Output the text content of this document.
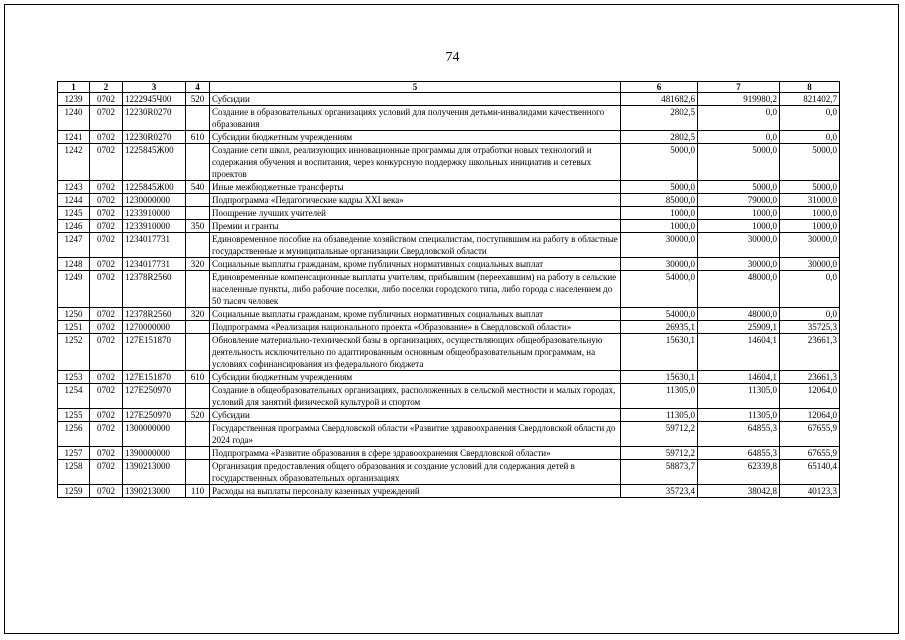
74
1	2	3	4	5	6	7	8
1239	0702	1222945Ч00	520	Субсидии	481682,6	919980,2	821402,7
1240	0702	12230R0270		Создание в образовательных организациях условий для получения детьми-инвалидами качественного образования	2802,5	0,0	0,0
1241	0702	12230R0270	610	Субсидии бюджетным учреждениям	2802,5	0,0	0,0
1242	0702	1225845Ж00		Создание сети школ, реализующих инновационные программы для отработки новых технологий и содержания обучения и воспитания, через конкурсную поддержку школьных инициатив и сетевых проектов	5000,0	5000,0	5000,0
1243	0702	1225845Ж00	540	Иные межбюджетные трансферты	5000,0	5000,0	5000,0
1244	0702	1230000000		Подпрограмма «Педагогические кадры XXI века»	85000,0	79000,0	31000,0
1245	0702	1233910000		Поощрение лучших учителей	1000,0	1000,0	1000,0
1246	0702	1233910000	350	Премии и гранты	1000,0	1000,0	1000,0
1247	0702	1234017731		Единовременное пособие на обзаведение хозяйством специалистам, поступившим на работу в областные государственные и муниципальные организации Свердловской области	30000,0	30000,0	30000,0
1248	0702	1234017731	320	Социальные выплаты гражданам, кроме публичных нормативных социальных выплат	30000,0	30000,0	30000,0
1249	0702	12378R2560		Единовременные компенсационные выплаты учителям, прибывшим (переехавшим) на работу в сельские населенные пункты, либо рабочие поселки, либо поселки городского типа, либо города с населением до 50 тысяч человек	54000,0	48000,0	0,0
1250	0702	12378R2560	320	Социальные выплаты гражданам, кроме публичных нормативных социальных выплат	54000,0	48000,0	0,0
1251	0702	1270000000		Подпрограмма «Реализация национального проекта «Образование» в Свердловской области»	26935,1	25909,1	35725,3
1252	0702	127E151870		Обновление материально-технической базы в организациях, осуществляющих общеобразовательную деятельность исключительно по адаптированным основным общеобразовательным программам, на условиях софинансирования из федерального бюджета	15630,1	14604,1	23661,3
1253	0702	127E151870	610	Субсидии бюджетным учреждениям	15630,1	14604,1	23661,3
1254	0702	127E250970		Создание в общеобразовательных организациях, расположенных в сельской местности и малых городах, условий для занятий физической культурой и спортом	11305,0	11305,0	12064,0
1255	0702	127E250970	520	Субсидии	11305,0	11305,0	12064,0
1256	0702	1300000000		Государственная программа Свердловской области «Развитие здравоохранения Свердловской области до 2024 года»	59712,2	64855,3	67655,9
1257	0702	1390000000		Подпрограмма «Развитие образования в сфере здравоохранения Свердловской области»	59712,2	64855,3	67655,9
1258	0702	1390213000		Организация предоставления общего образования и создание условий для содержания детей в государственных образовательных организациях	58873,7	62339,8	65140,4
1259	0702	1390213000	110	Расходы на выплаты персоналу казенных учреждений	35723,4	38042,8	40123,3
